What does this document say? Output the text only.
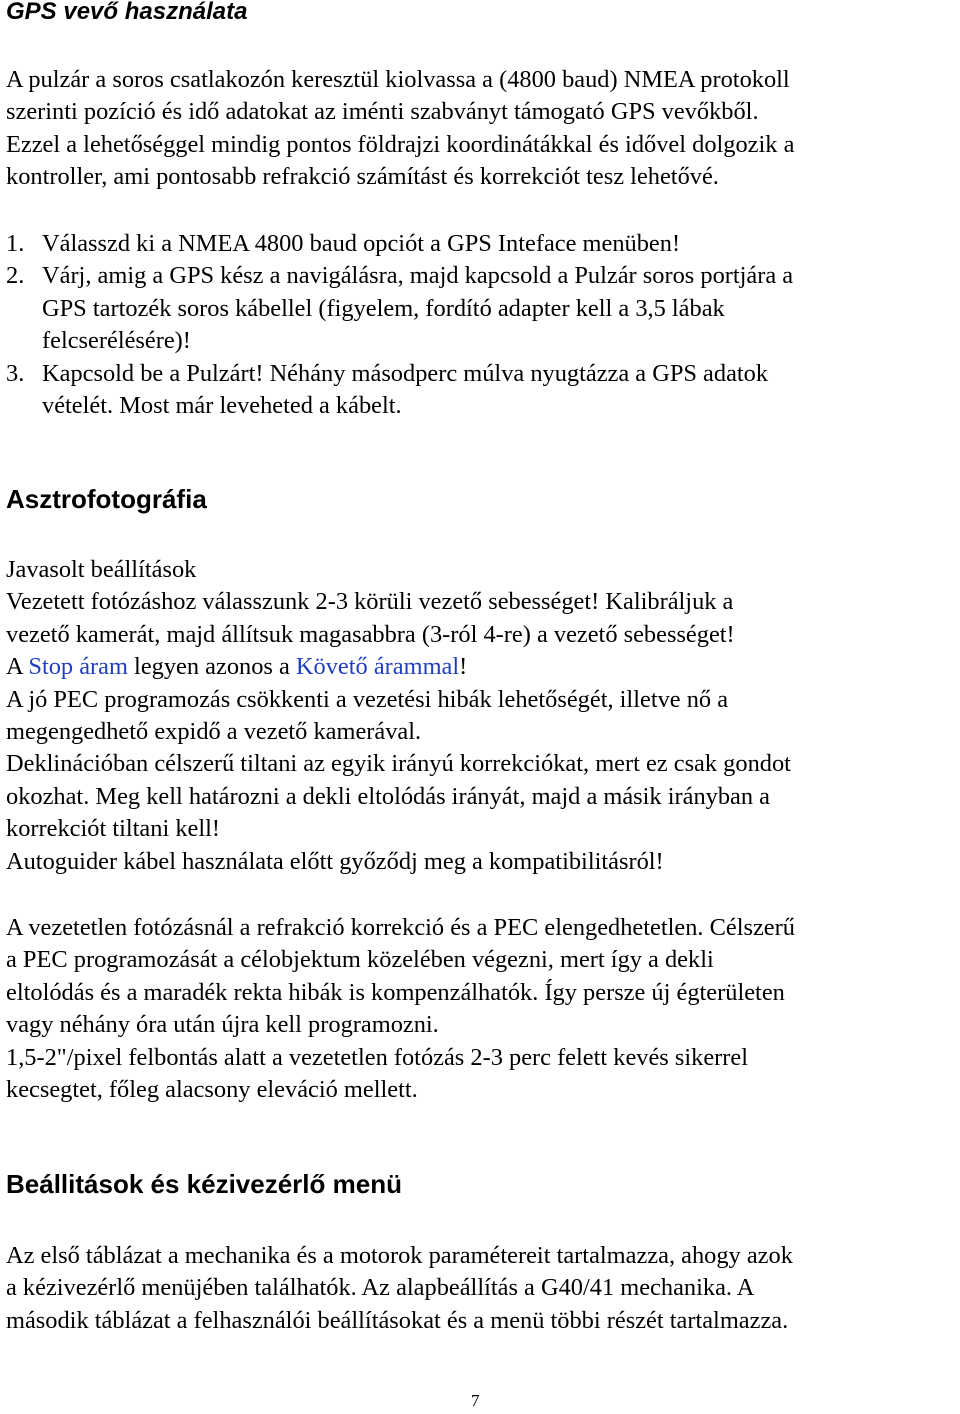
GPS vevő használata
A pulzár a soros csatlakozón keresztül kiolvassa a (4800 baud) NMEA protokoll
szerinti pozíció és idő adatokat az iménti szabványt támogató GPS vevőkből.
Ezzel a lehetőséggel mindig pontos földrajzi koordinátákkal és idővel dolgozik a
kontroller, ami pontosabb refrakció számítást és korrekciót tesz lehetővé.
1. Válasszd ki a NMEA 4800 baud opciót a GPS Inteface menüben!
2. Várj, amig a GPS kész a navigálásra, majd kapcsold a Pulzár soros portjára a
GPS tartozék soros kábellel (figyelem, fordító adapter kell a 3,5 lábak
felcserélésére)!
3. Kapcsold be a Pulzárt! Néhány másodperc múlva nyugtázza a GPS adatok
vételét. Most már leveheted a kábelt.
Asztrofotográfia
Javasolt beállítások
Vezetett fotózáshoz válasszunk 2-3 körüli vezető sebességet! Kalibráljuk a
vezető kamerát, majd állítsuk magasabbra (3-ról 4-re) a vezető sebességet!
A Stop áram legyen azonos a Követő árammal!
A jó PEC programozás csökkenti a vezetési hibák lehetőségét, illetve nő a
megengedhető expidő a vezető kamerával.
Deklinációban célszerű tiltani az egyik irányú korrekciókat, mert ez csak gondot
okozhat. Meg kell határozni a dekli eltolódás irányát, majd a másik irányban a
korrekciót tiltani kell!
Autoguider kábel használata előtt győződj meg a kompatibilitásról!
A vezetetlen fotózásnál a refrakció korrekció és a PEC elengedhetetlen. Célszerű
a PEC programozását a célobjektum közelében végezni, mert így a dekli
eltolódás és a maradék rekta hibák is kompenzálhatók. Így persze új égterületen
vagy néhány óra után újra kell programozni.
1,5-2"/pixel felbontás alatt a vezetetlen fotózás 2-3 perc felett kevés sikerrel
kecsegtet, főleg alacsony eleváció mellett.
Beállitások és kézivezérlő menü
Az első táblázat a mechanika és a motorok paramétereit tartalmazza, ahogy azok
a kézivezérlő menüjében találhatók. Az alapbeállítás a G40/41 mechanika. A
második táblázat a felhasználói beállításokat és a menü többi részét tartalmazza.
7
